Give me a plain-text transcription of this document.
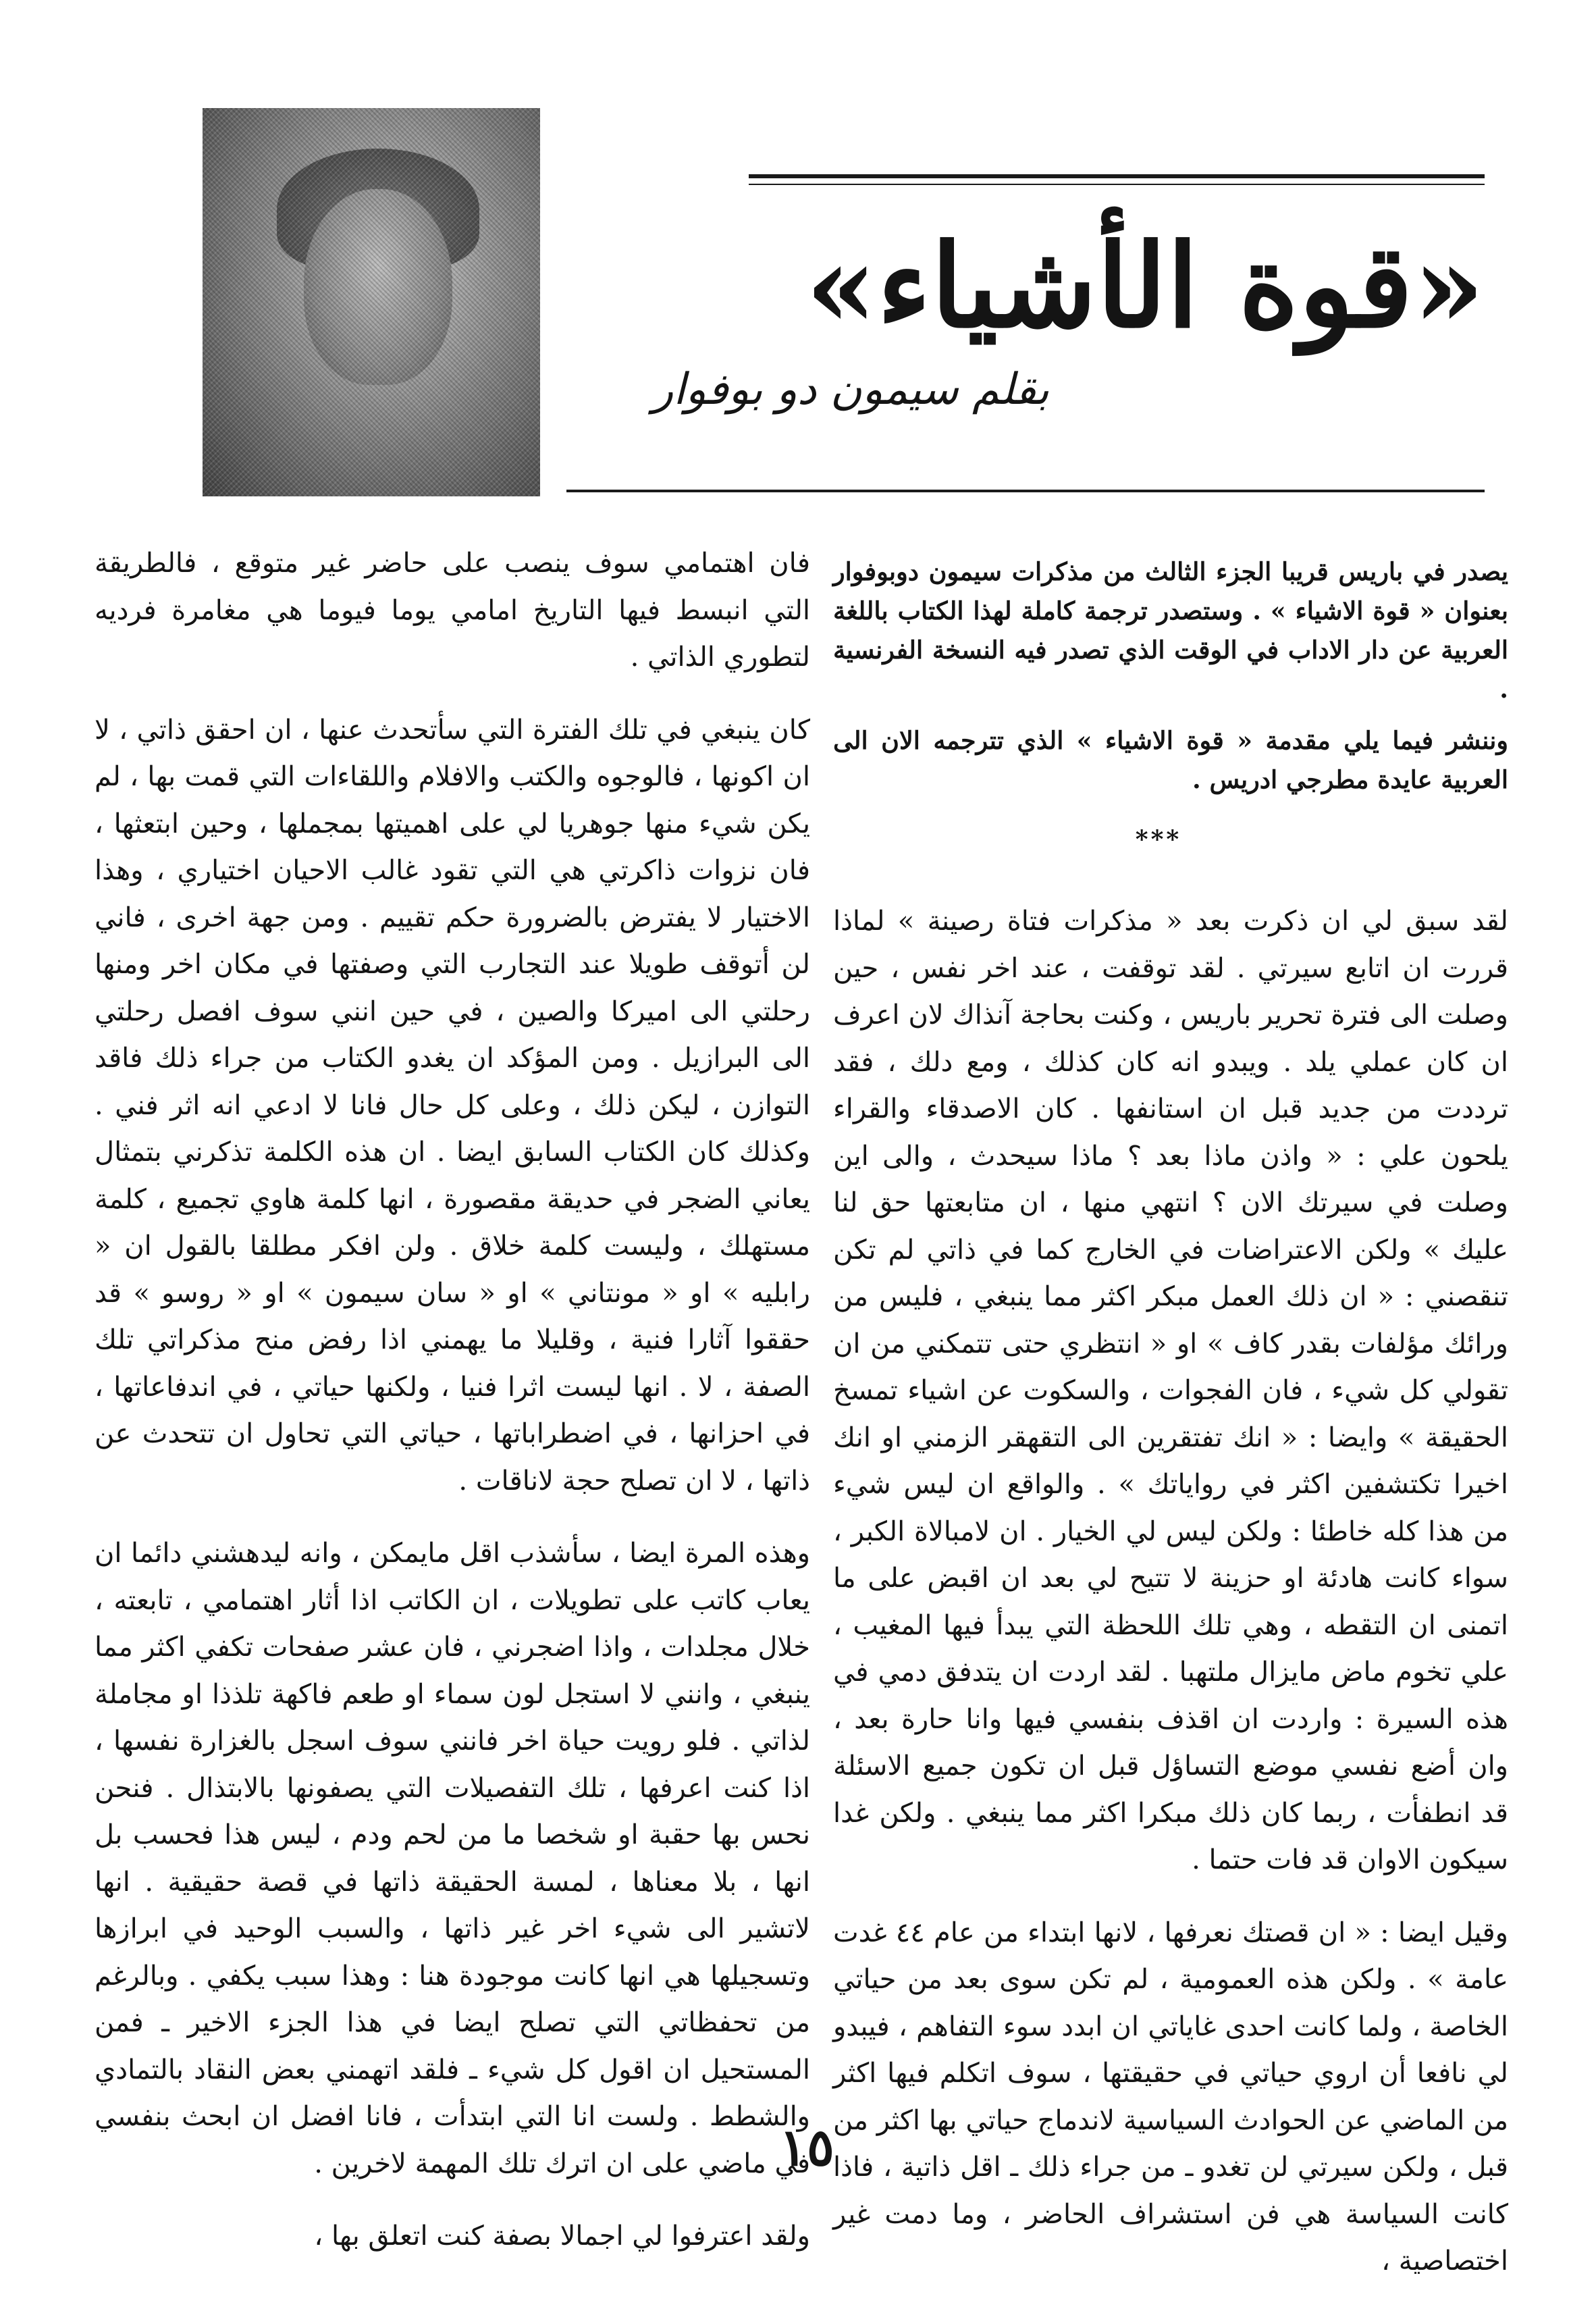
«قوة الأشياء»
بقلم سيمون دو بوفوار
يصدر في باريس قريبا الجزء الثالث من مذكرات سيمون دوبوفوار بعنوان « قوة الاشياء » . وستصدر ترجمة كاملة لهذا الكتاب باللغة العربية عن دار الاداب في الوقت الذي تصدر فيه النسخة الفرنسية .
وننشر فيما يلي مقدمة « قوة الاشياء » الذي تترجمه الان الى العربية عايدة مطرجي ادريس .
***

لقد سبق لي ان ذكرت بعد « مذكرات فتاة رصينة » لماذا قررت ان اتابع سيرتي . لقد توقفت ، عند اخر نفس ، حين وصلت الى فترة تحرير باريس ، وكنت بحاجة آنذاك لان اعرف ان كان عملي يلد . ويبدو انه كان كذلك ، ومع دلك ، فقد ترددت من جديد قبل ان استانفها . كان الاصدقاء والقراء يلحون علي : « واذن ماذا بعد ؟ ماذا سيحدث ، والى اين وصلت في سيرتك الان ؟ انتهي منها ، ان متابعتها حق لنا عليك » ولكن الاعتراضات في الخارج كما في ذاتي لم تكن تنقصني : « ان ذلك العمل مبكر اكثر مما ينبغي ، فليس من ورائك مؤلفات بقدر كاف » او « انتظري حتى تتمكني من ان تقولي كل شيء ، فان الفجوات ، والسكوت عن اشياء تمسخ الحقيقة » وايضا : « انك تفتقرين الى التقهقر الزمني او انك اخيرا تكتشفين اكثر في رواياتك » . والواقع ان ليس شيء من هذا كله خاطئا : ولكن ليس لي الخيار . ان لامبالاة الكبر ، سواء كانت هادئة او حزينة لا تتيح لي بعد ان اقبض على ما اتمنى ان التقطه ، وهي تلك اللحظة التي يبدأ فيها المغيب ، علي تخوم ماض مايزال ملتهبا . لقد اردت ان يتدفق دمي في هذه السيرة : واردت ان اقذف بنفسي فيها وانا حارة بعد ، وان أضع نفسي موضع التساؤل قبل ان تكون جميع الاسئلة قد انطفأت ، ربما كان ذلك مبكرا اكثر مما ينبغي . ولكن غدا سيكون الاوان قد فات حتما .

وقيل ايضا : « ان قصتك نعرفها ، لانها ابتداء من عام ٤٤ غدت عامة » . ولكن هذه العمومية ، لم تكن سوى بعد من حياتي الخاصة ، ولما كانت احدى غاياتي ان ابدد سوء التفاهم ، فيبدو لي نافعا أن اروي حياتي في حقيقتها ، سوف اتكلم فيها اكثر من الماضي عن الحوادث السياسية لاندماج حياتي بها اكثر من قبل ، ولكن سيرتي لن تغدو ـ من جراء ذلك ـ اقل ذاتية ، فاذا كانت السياسة هي فن استشراف الحاضر ، وما دمت غير اختصاصية ،

فان اهتمامي سوف ينصب على حاضر غير متوقع ، فالطريقة التي انبسط فيها التاريخ امامي يوما فيوما هي مغامرة فرديه لتطوري الذاتي .

كان ينبغي في تلك الفترة التي سأتحدث عنها ، ان احقق ذاتي ، لا ان اكونها ، فالوجوه والكتب والافلام واللقاءات التي قمت بها ، لم يكن شيء منها جوهريا لي على اهميتها بمجملها ، وحين ابتعثها ، فان نزوات ذاكرتي هي التي تقود غالب الاحيان اختياري ، وهذا الاختيار لا يفترض بالضرورة حكم تقييم . ومن جهة اخرى ، فاني لن أتوقف طويلا عند التجارب التي وصفتها في مكان اخر ومنها رحلتي الى اميركا والصين ، في حين انني سوف افصل رحلتي الى البرازيل . ومن المؤكد ان يغدو الكتاب من جراء ذلك فاقد التوازن ، ليكن ذلك ، وعلى كل حال فانا لا ادعي انه اثر فني . وكذلك كان الكتاب السابق ايضا . ان هذه الكلمة تذكرني بتمثال يعاني الضجر في حديقة مقصورة ، انها كلمة هاوي تجميع ، كلمة مستهلك ، وليست كلمة خلاق . ولن افكر مطلقا بالقول ان « رابليه » او « مونتاني » او « سان سيمون » او « روسو » قد حققوا آثارا فنية ، وقليلا ما يهمني اذا رفض منح مذكراتي تلك الصفة ، لا . انها ليست اثرا فنيا ، ولكنها حياتي ، في اندفاعاتها ، في احزانها ، في اضطراباتها ، حياتي التي تحاول ان تتحدث عن ذاتها ، لا ان تصلح حجة لاناقات .

وهذه المرة ايضا ، سأشذب اقل مايمكن ، وانه ليدهشني دائما ان يعاب كاتب على تطويلات ، ان الكاتب اذا أثار اهتمامي ، تابعته ، خلال مجلدات ، واذا اضجرني ، فان عشر صفحات تكفي اكثر مما ينبغي ، وانني لا استجل لون سماء او طعم فاكهة تلذذا او مجاملة لذاتي . فلو رويت حياة اخر فانني سوف اسجل بالغزارة نفسها ، اذا كنت اعرفها ، تلك التفصيلات التي يصفونها بالابتذال . فنحن نحس بها حقبة او شخصا ما من لحم ودم ، ليس هذا فحسب بل انها ، بلا معناها ، لمسة الحقيقة ذاتها في قصة حقيقية . انها لاتشير الى شيء اخر غير ذاتها ، والسبب الوحيد في ابرازها وتسجيلها هي انها كانت موجودة هنا : وهذا سبب يكفي . وبالرغم من تحفظاتي التي تصلح ايضا في هذا الجزء الاخير ـ فمن المستحيل ان اقول كل شيء ـ فلقد اتهمني بعض النقاد بالتمادي والشطط . ولست انا التي ابتدأت ، فانا افضل ان ابحث بنفسي في ماضي على ان اترك تلك المهمة لاخرين .

ولقد اعترفوا لي اجمالا بصفة كنت اتعلق بها ،

١٥
